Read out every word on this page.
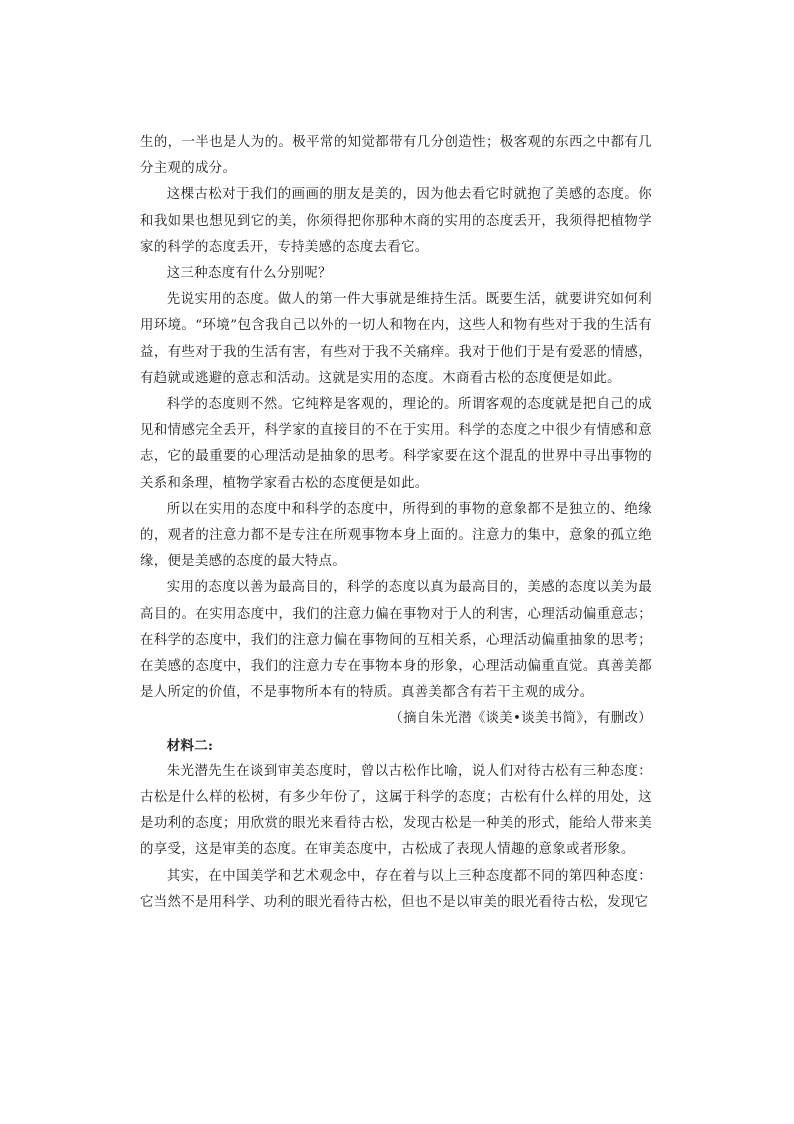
生的，一半也是人为的。极平常的知觉都带有几分创造性；极客观的东西之中都有几分主观的成分。

这棵古松对于我们的画画的朋友是美的，因为他去看它时就抱了美感的态度。你和我如果也想见到它的美，你须得把你那种木商的实用的态度丢开，我须得把植物学家的科学的态度丢开，专持美感的态度去看它。

这三种态度有什么分别呢？

先说实用的态度。做人的第一件大事就是维持生活。既要生活，就要讲究如何利用环境。“环境”包含我自己以外的一切人和物在内，这些人和物有些对于我的生活有益，有些对于我的生活有害，有些对于我不关痛痒。我对于他们于是有爱恶的情感，有趋就或逃避的意志和活动。这就是实用的态度。木商看古松的态度便是如此。

科学的态度则不然。它纯粹是客观的，理论的。所谓客观的态度就是把自己的成见和情感完全丢开，科学家的直接目的不在于实用。科学的态度之中很少有情感和意志，它的最重要的心理活动是抽象的思考。科学家要在这个混乱的世界中寻出事物的关系和条理，植物学家看古松的态度便是如此。

所以在实用的态度中和科学的态度中，所得到的事物的意象都不是独立的、绝缘的，观者的注意力都不是专注在所观事物本身上面的。注意力的集中，意象的孤立绝缘，便是美感的态度的最大特点。

实用的态度以善为最高目的，科学的态度以真为最高目的，美感的态度以美为最高目的。在实用态度中，我们的注意力偏在事物对于人的利害，心理活动偏重意志；在科学的态度中，我们的注意力偏在事物间的互相关系，心理活动偏重抽象的思考；在美感的态度中，我们的注意力专在事物本身的形象，心理活动偏重直觉。真善美都是人所定的价值，不是事物所本有的特质。真善美都含有若干主观的成分。

（摘自朱光潜《谈美•谈美书简》，有删改）

材料二:

朱光潜先生在谈到审美态度时，曾以古松作比喻，说人们对待古松有三种态度：古松是什么样的松树，有多少年份了，这属于科学的态度；古松有什么样的用处，这是功利的态度；用欣赏的眼光来看待古松，发现古松是一种美的形式，能给人带来美的享受，这是审美的态度。在审美态度中，古松成了表现人情趣的意象或者形象。

其实，在中国美学和艺术观念中，存在着与以上三种态度都不同的第四种态度：它当然不是用科学、功利的眼光看待古松，但也不是以审美的眼光看待古松，发现它
